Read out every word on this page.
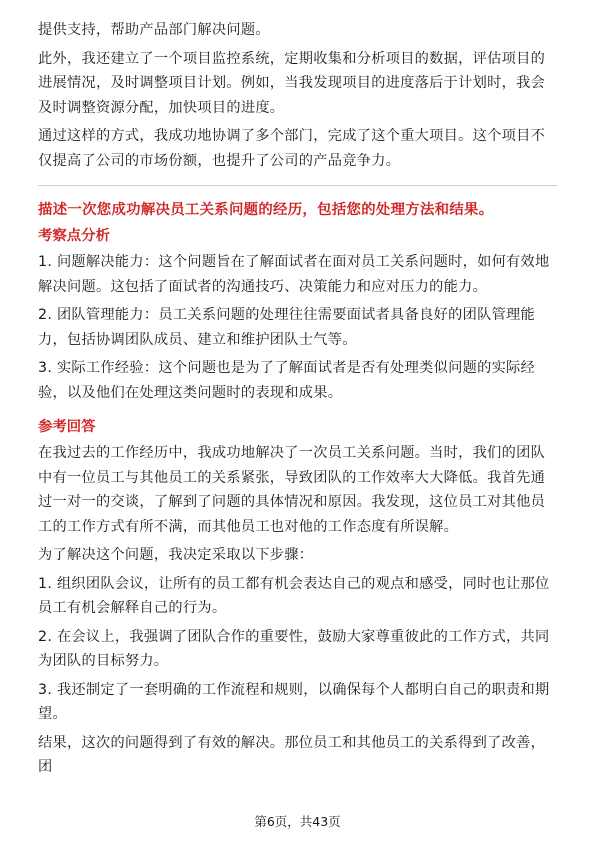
提供支持，帮助产品部门解决问题。

此外，我还建立了一个项目监控系统，定期收集和分析项目的数据，评估项目的进展情况，及时调整项目计划。例如，当我发现项目的进度落后于计划时，我会及时调整资源分配，加快项目的进度。

通过这样的方式，我成功地协调了多个部门，完成了这个重大项目。这个项目不仅提高了公司的市场份额，也提升了公司的产品竞争力。

描述一次您成功解决员工关系问题的经历，包括您的处理方法和结果。

考察点分析

1. 问题解决能力：这个问题旨在了解面试者在面对员工关系问题时，如何有效地解决问题。这包括了面试者的沟通技巧、决策能力和应对压力的能力。

2. 团队管理能力：员工关系问题的处理往往需要面试者具备良好的团队管理能力，包括协调团队成员、建立和维护团队士气等。

3. 实际工作经验：这个问题也是为了了解面试者是否有处理类似问题的实际经验，以及他们在处理这类问题时的表现和成果。

参考回答

在我过去的工作经历中，我成功地解决了一次员工关系问题。当时，我们的团队中有一位员工与其他员工的关系紧张，导致团队的工作效率大大降低。我首先通过一对一的交谈，了解到了问题的具体情况和原因。我发现，这位员工对其他员工的工作方式有所不满，而其他员工也对他的工作态度有所误解。

为了解决这个问题，我决定采取以下步骤：

1. 组织团队会议，让所有的员工都有机会表达自己的观点和感受，同时也让那位员工有机会解释自己的行为。

2. 在会议上，我强调了团队合作的重要性，鼓励大家尊重彼此的工作方式，共同为团队的目标努力。

3. 我还制定了一套明确的工作流程和规则，以确保每个人都明白自己的职责和期望。

结果，这次的问题得到了有效的解决。那位员工和其他员工的关系得到了改善，团

第6页，共43页
